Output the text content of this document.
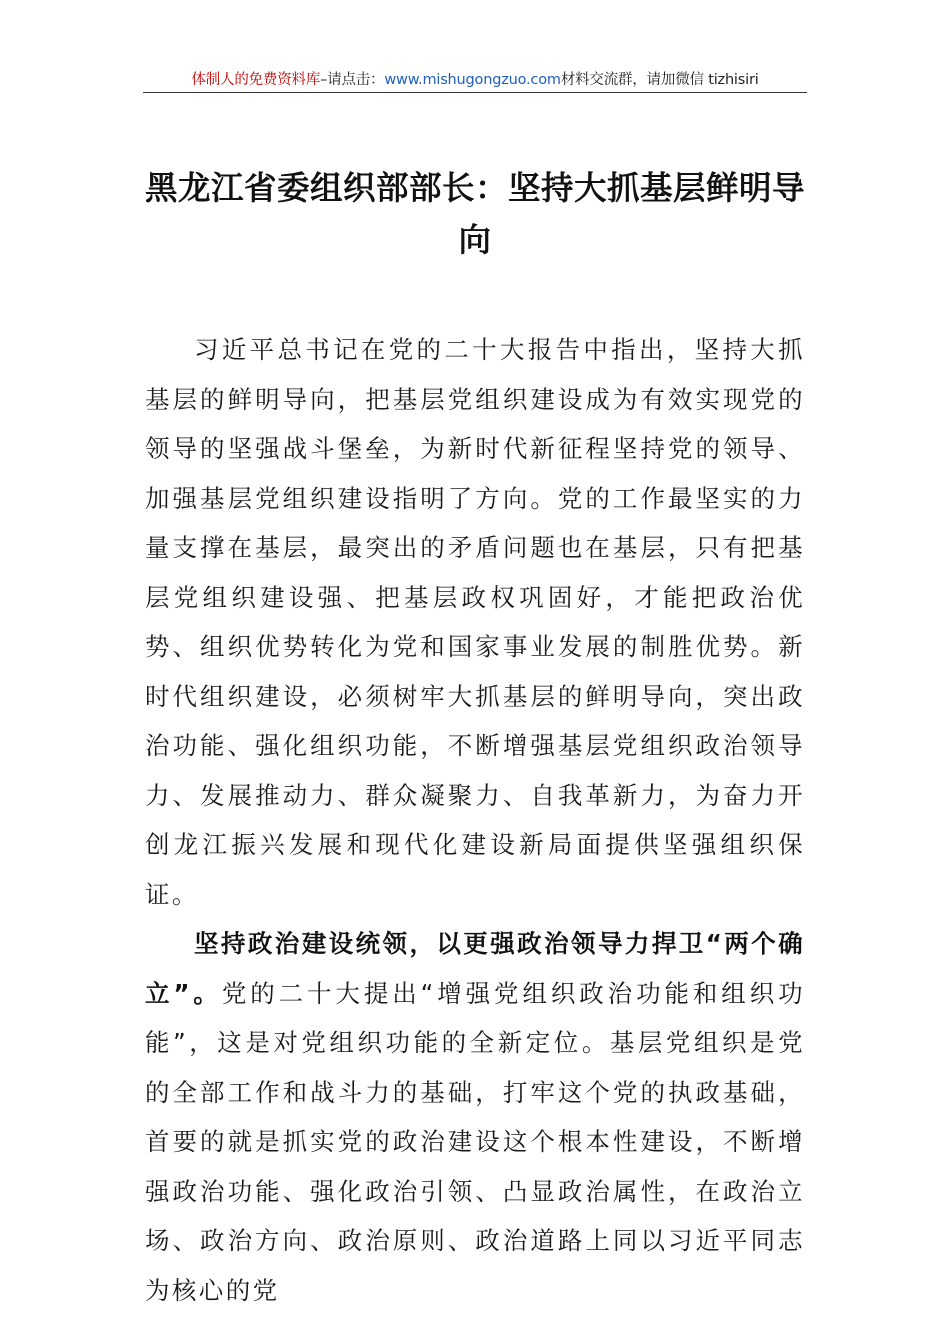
体制人的免费资料库–请点击：www.mishugongzuo.com材料交流群，请加微信 tizhisiri
黑龙江省委组织部部长：坚持大抓基层鲜明导向

习近平总书记在党的二十大报告中指出，坚持大抓基层的鲜明导向，把基层党组织建设成为有效实现党的领导的坚强战斗堡垒，为新时代新征程坚持党的领导、加强基层党组织建设指明了方向。党的工作最坚实的力量支撑在基层，最突出的矛盾问题也在基层，只有把基层党组织建设强、把基层政权巩固好，才能把政治优势、组织优势转化为党和国家事业发展的制胜优势。新时代组织建设，必须树牢大抓基层的鲜明导向，突出政治功能、强化组织功能，不断增强基层党组织政治领导力、发展推动力、群众凝聚力、自我革新力，为奋力开创龙江振兴发展和现代化建设新局面提供坚强组织保证。

坚持政治建设统领，以更强政治领导力捍卫“两个确立”。党的二十大提出“增强党组织政治功能和组织功能”，这是对党组织功能的全新定位。基层党组织是党的全部工作和战斗力的基础，打牢这个党的执政基础，首要的就是抓实党的政治建设这个根本性建设，不断增强政治功能、强化政治引领、凸显政治属性，在政治立场、政治方向、政治原则、政治道路上同以习近平同志为核心的党
